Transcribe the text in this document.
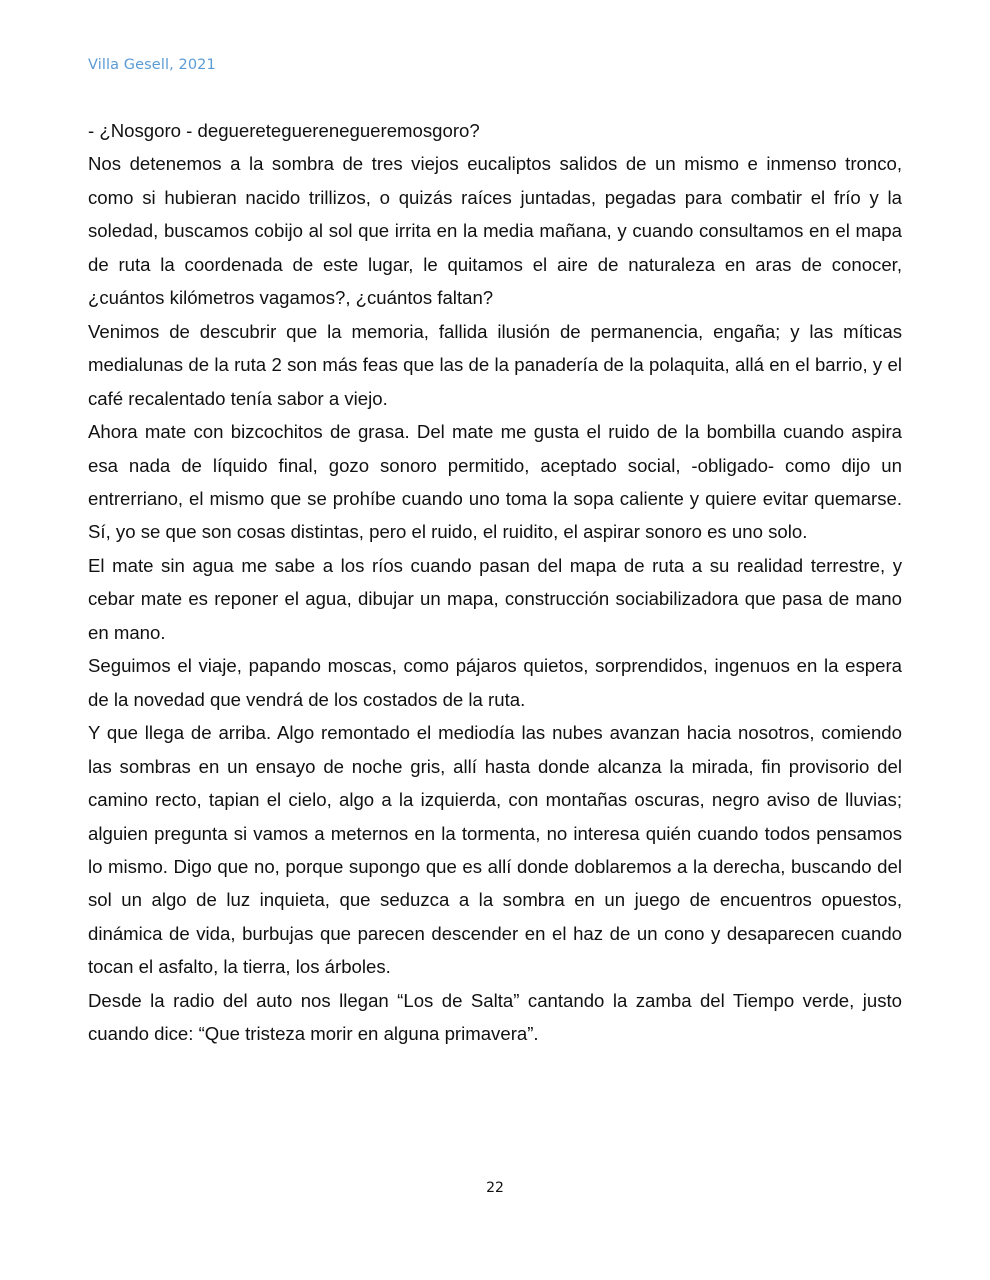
Villa Gesell, 2021

- ¿Nosgoro - deguereteguerenegueremosgoro?

Nos detenemos a la sombra de tres viejos eucaliptos salidos de un mismo e inmenso tronco, como si hubieran nacido trillizos, o quizás raíces juntadas, pegadas para combatir el frío y la soledad, buscamos cobijo al sol que irrita en la media mañana, y cuando consultamos en el mapa de ruta la coordenada de este lugar, le quitamos el aire de naturaleza en aras de conocer, ¿cuántos kilómetros vagamos?, ¿cuántos faltan?

Venimos de descubrir que la memoria, fallida ilusión de permanencia, engaña; y las míticas medialunas de la ruta 2 son más feas que las de la panadería de la polaquita, allá en el barrio, y el café recalentado tenía sabor a viejo.

Ahora mate con bizcochitos de grasa. Del mate me gusta el ruido de la bombilla cuando aspira esa nada de líquido final, gozo sonoro permitido, aceptado social, -obligado- como dijo un entrerriano, el mismo que se prohíbe cuando uno toma la sopa caliente y quiere evitar quemarse. Sí, yo se que son cosas distintas, pero el ruido, el ruidito, el aspirar sonoro es uno solo.

El mate sin agua me sabe a los ríos cuando pasan del mapa de ruta a su realidad terrestre, y cebar mate es reponer el agua, dibujar un mapa, construcción sociabilizadora que pasa de mano en mano.

Seguimos el viaje, papando moscas, como pájaros quietos, sorprendidos, ingenuos en la espera de la novedad que vendrá de los costados de la ruta.

Y que llega de arriba. Algo remontado el mediodía las nubes avanzan hacia nosotros, comiendo las sombras en un ensayo de noche gris, allí hasta donde alcanza la mirada, fin provisorio del camino recto, tapian el cielo, algo a la izquierda, con montañas oscuras, negro aviso de lluvias; alguien pregunta si vamos a meternos en la tormenta, no interesa quién cuando todos pensamos lo mismo. Digo que no, porque supongo que es allí donde doblaremos a la derecha, buscando del sol un algo de luz inquieta, que seduzca a la sombra en un juego de encuentros opuestos, dinámica de vida, burbujas que parecen descender en el haz de un cono y desaparecen cuando tocan el asfalto, la tierra, los árboles.

Desde la radio del auto nos llegan “Los de Salta” cantando la zamba del Tiempo verde, justo cuando dice: “Que tristeza morir en alguna primavera”.

22
